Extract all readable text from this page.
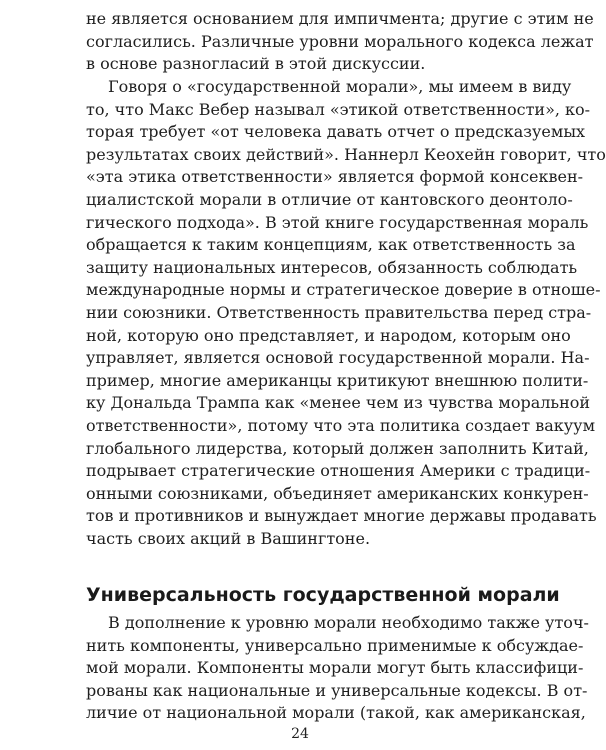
не является основанием для импичмента; другие с этим не
согласились. Различные уровни морального кодекса лежат
в основе разногласий в этой дискуссии.
Говоря о «государственной морали», мы имеем в виду
то, что Макс Вебер называл «этикой ответственности», ко-
торая требует «от человека давать отчет о предсказуемых
результатах своих действий». Наннерл Кеохейн говорит, что
«эта этика ответственности» является формой консеквен-
циалистской морали в отличие от кантовского деонтоло-
гического подхода». В этой книге государственная мораль
обращается к таким концепциям, как ответственность за
защиту национальных интересов, обязанность соблюдать
международные нормы и стратегическое доверие в отноше-
нии союзники. Ответственность правительства перед стра-
ной, которую оно представляет, и народом, которым оно
управляет, является основой государственной морали. На-
пример, многие американцы критикуют внешнюю полити-
ку Дональда Трампа как «менее чем из чувства моральной
ответственности», потому что эта политика создает вакуум
глобального лидерства, который должен заполнить Китай,
подрывает стратегические отношения Америки с традици-
онными союзниками, объединяет американских конкурен-
тов и противников и вынуждает многие державы продавать
часть своих акций в Вашингтоне.
Универсальность государственной морали
В дополнение к уровню морали необходимо также уточ-
нить компоненты, универсально применимые к обсуждае-
мой морали. Компоненты морали могут быть классифици-
рованы как национальные и универсальные кодексы. В от-
личие от национальной морали (такой, как американская,
24
